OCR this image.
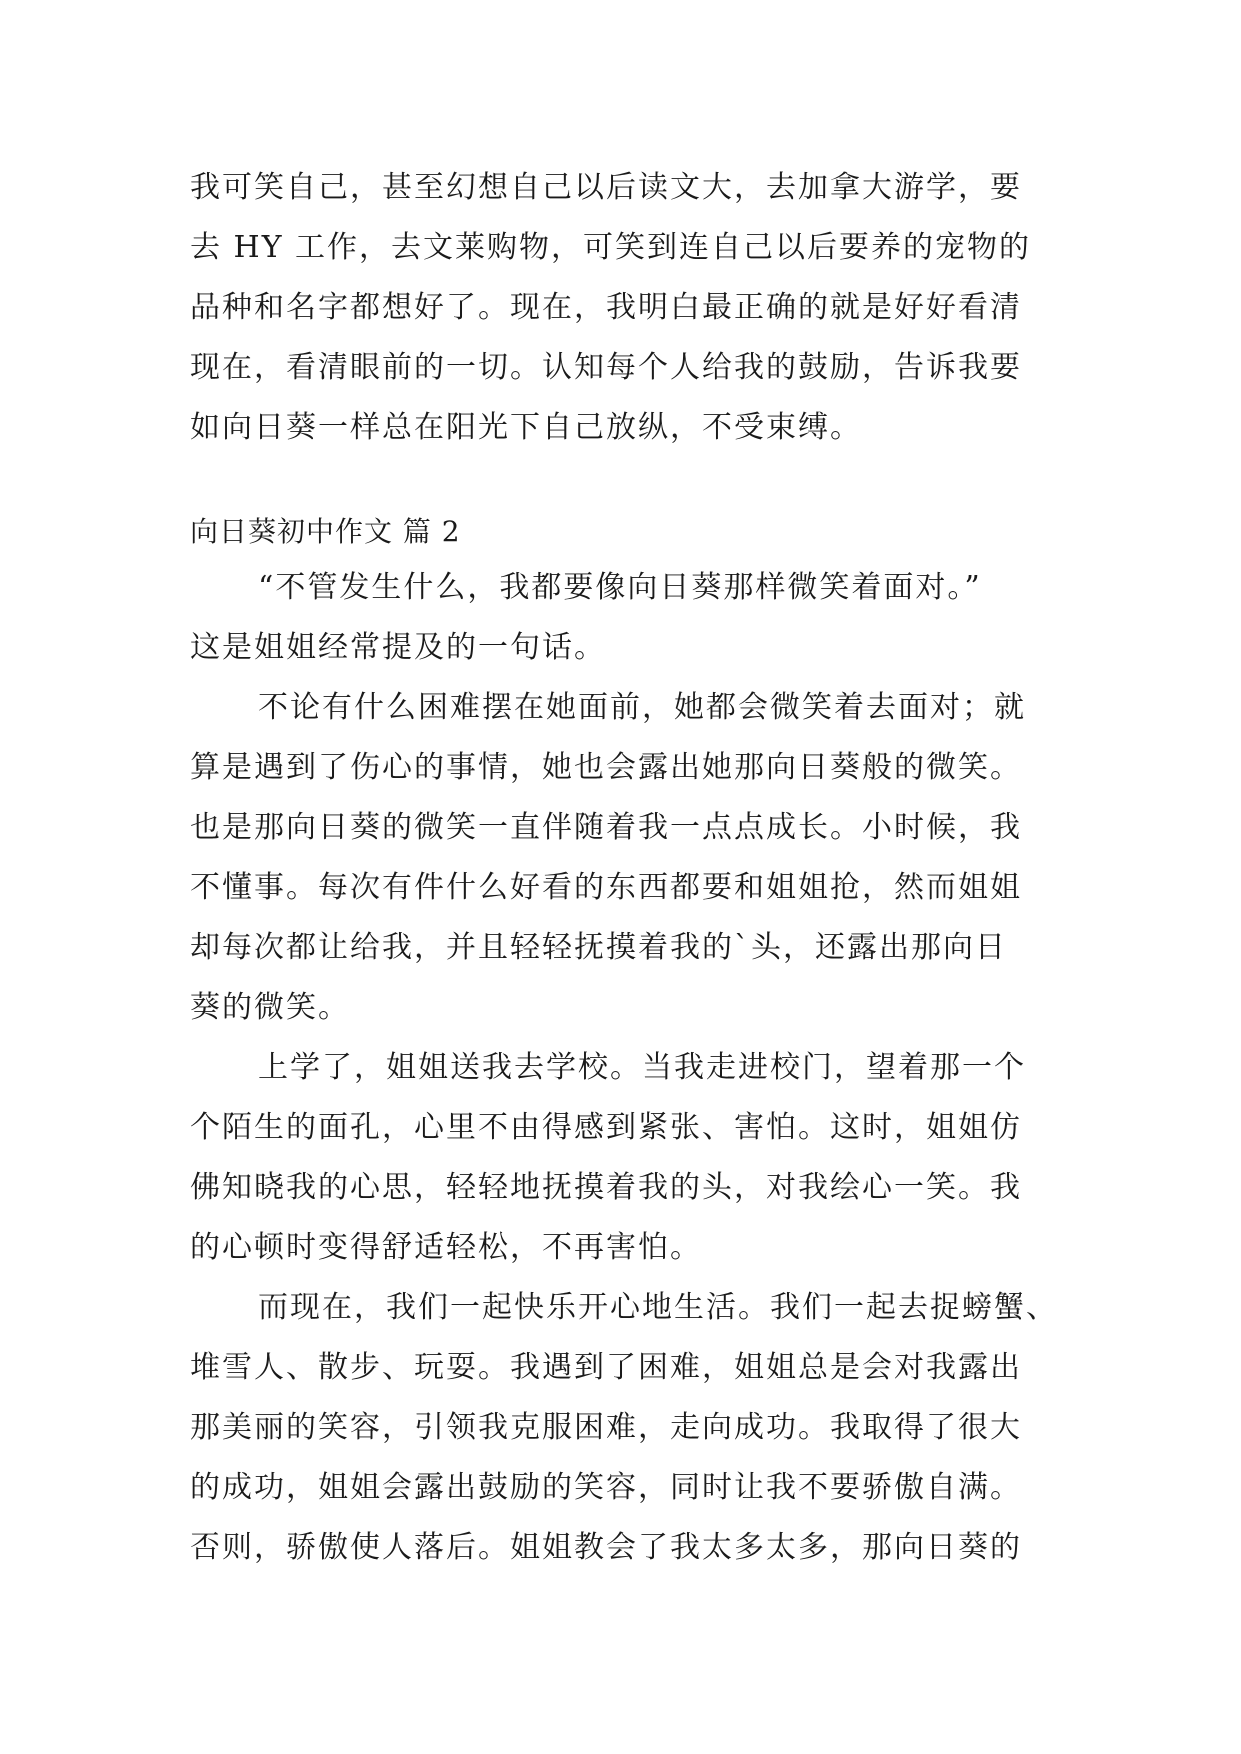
我可笑自己，甚至幻想自己以后读文大，去加拿大游学，要
去 HY 工作，去文莱购物，可笑到连自己以后要养的宠物的
品种和名字都想好了。现在，我明白最正确的就是好好看清
现在，看清眼前的一切。认知每个人给我的鼓励，告诉我要
如向日葵一样总在阳光下自己放纵，不受束缚。
向日葵初中作文 篇 2
“不管发生什么，我都要像向日葵那样微笑着面对。”
这是姐姐经常提及的一句话。
不论有什么困难摆在她面前，她都会微笑着去面对；就
算是遇到了伤心的事情，她也会露出她那向日葵般的微笑。
也是那向日葵的微笑一直伴随着我一点点成长。小时候，我
不懂事。每次有件什么好看的东西都要和姐姐抢，然而姐姐
却每次都让给我，并且轻轻抚摸着我的`头，还露出那向日
葵的微笑。
上学了，姐姐送我去学校。当我走进校门，望着那一个
个陌生的面孔，心里不由得感到紧张、害怕。这时，姐姐仿
佛知晓我的心思，轻轻地抚摸着我的头，对我绘心一笑。我
的心顿时变得舒适轻松，不再害怕。
而现在，我们一起快乐开心地生活。我们一起去捉螃蟹、
堆雪人、散步、玩耍。我遇到了困难，姐姐总是会对我露出
那美丽的笑容，引领我克服困难，走向成功。我取得了很大
的成功，姐姐会露出鼓励的笑容，同时让我不要骄傲自满。
否则，骄傲使人落后。姐姐教会了我太多太多，那向日葵的
